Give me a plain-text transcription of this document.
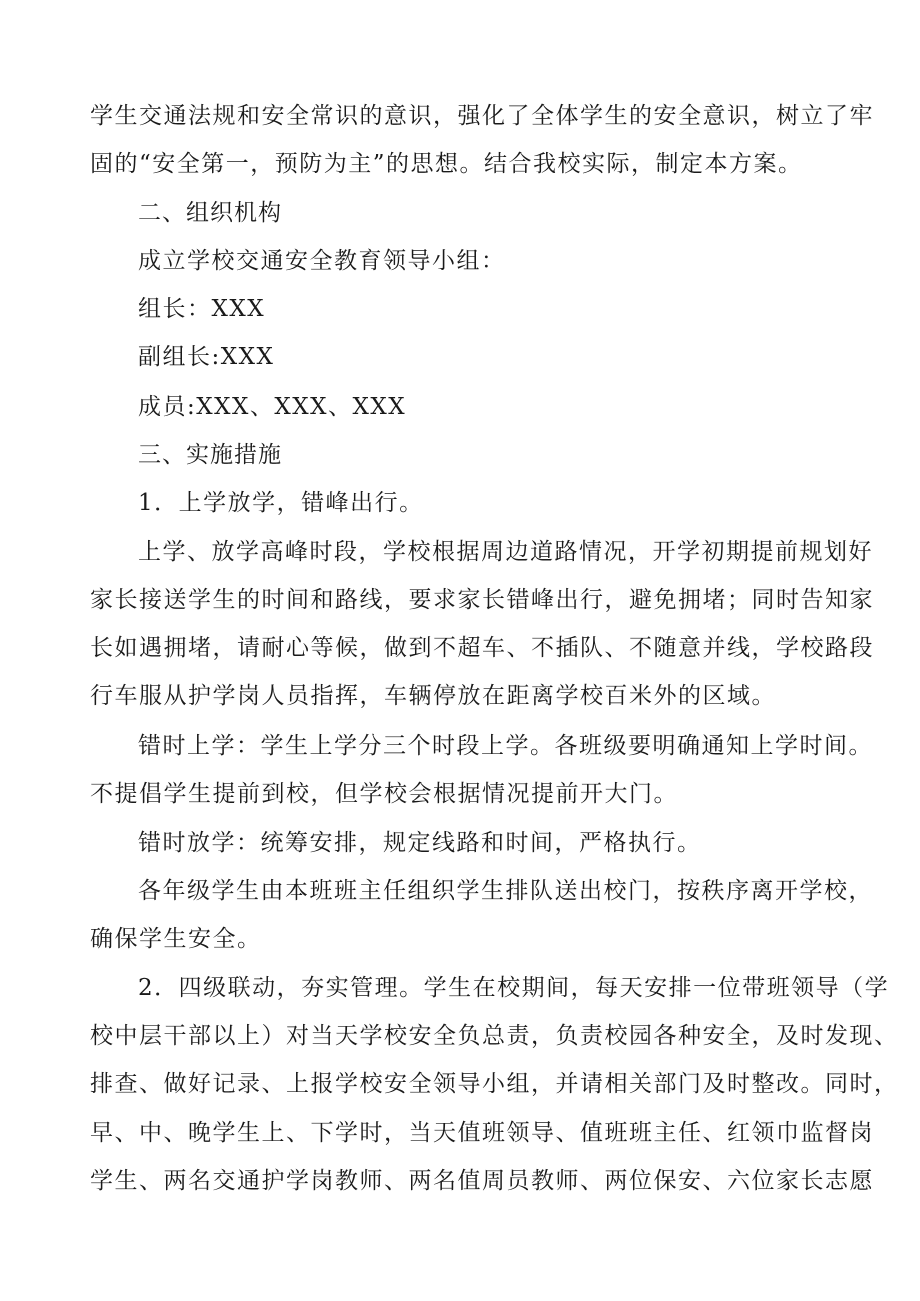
学生交通法规和安全常识的意识，强化了全体学生的安全意识，树立了牢
固的“安全第一，预防为主”的思想。结合我校实际，制定本方案。
二、组织机构
成立学校交通安全教育领导小组：
组长：XXX
副组长:XXX
成员:XXX、XXX、XXX
三、实施措施
1．上学放学，错峰出行。
上学、放学高峰时段，学校根据周边道路情况，开学初期提前规划好
家长接送学生的时间和路线，要求家长错峰出行，避免拥堵；同时告知家
长如遇拥堵，请耐心等候，做到不超车、不插队、不随意并线，学校路段
行车服从护学岗人员指挥，车辆停放在距离学校百米外的区域。
错时上学：学生上学分三个时段上学。各班级要明确通知上学时间。
不提倡学生提前到校，但学校会根据情况提前开大门。
错时放学：统筹安排，规定线路和时间，严格执行。
各年级学生由本班班主任组织学生排队送出校门，按秩序离开学校，
确保学生安全。
2．四级联动，夯实管理。学生在校期间，每天安排一位带班领导（学
校中层干部以上）对当天学校安全负总责，负责校园各种安全，及时发现、
排查、做好记录、上报学校安全领导小组，并请相关部门及时整改。同时，
早、中、晚学生上、下学时，当天值班领导、值班班主任、红领巾监督岗
学生、两名交通护学岗教师、两名值周员教师、两位保安、六位家长志愿
